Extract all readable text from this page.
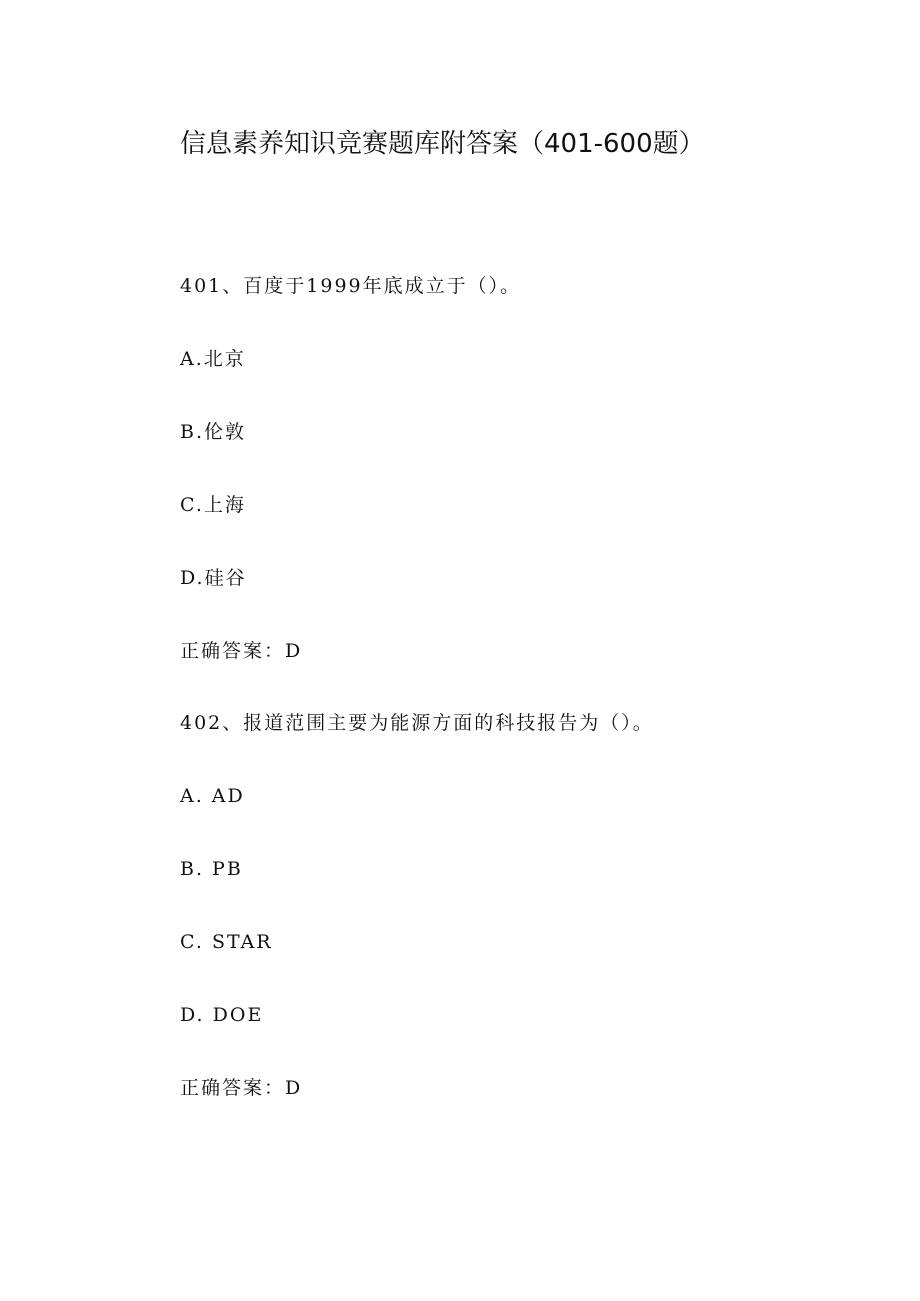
信息素养知识竞赛题库附答案（401-600题）
401、百度于1999年底成立于（）。
A.北京
B.伦敦
C.上海
D.硅谷
正确答案：D
402、报道范围主要为能源方面的科技报告为（）。
A. AD
B. PB
C. STAR
D. DOE
正确答案：D
